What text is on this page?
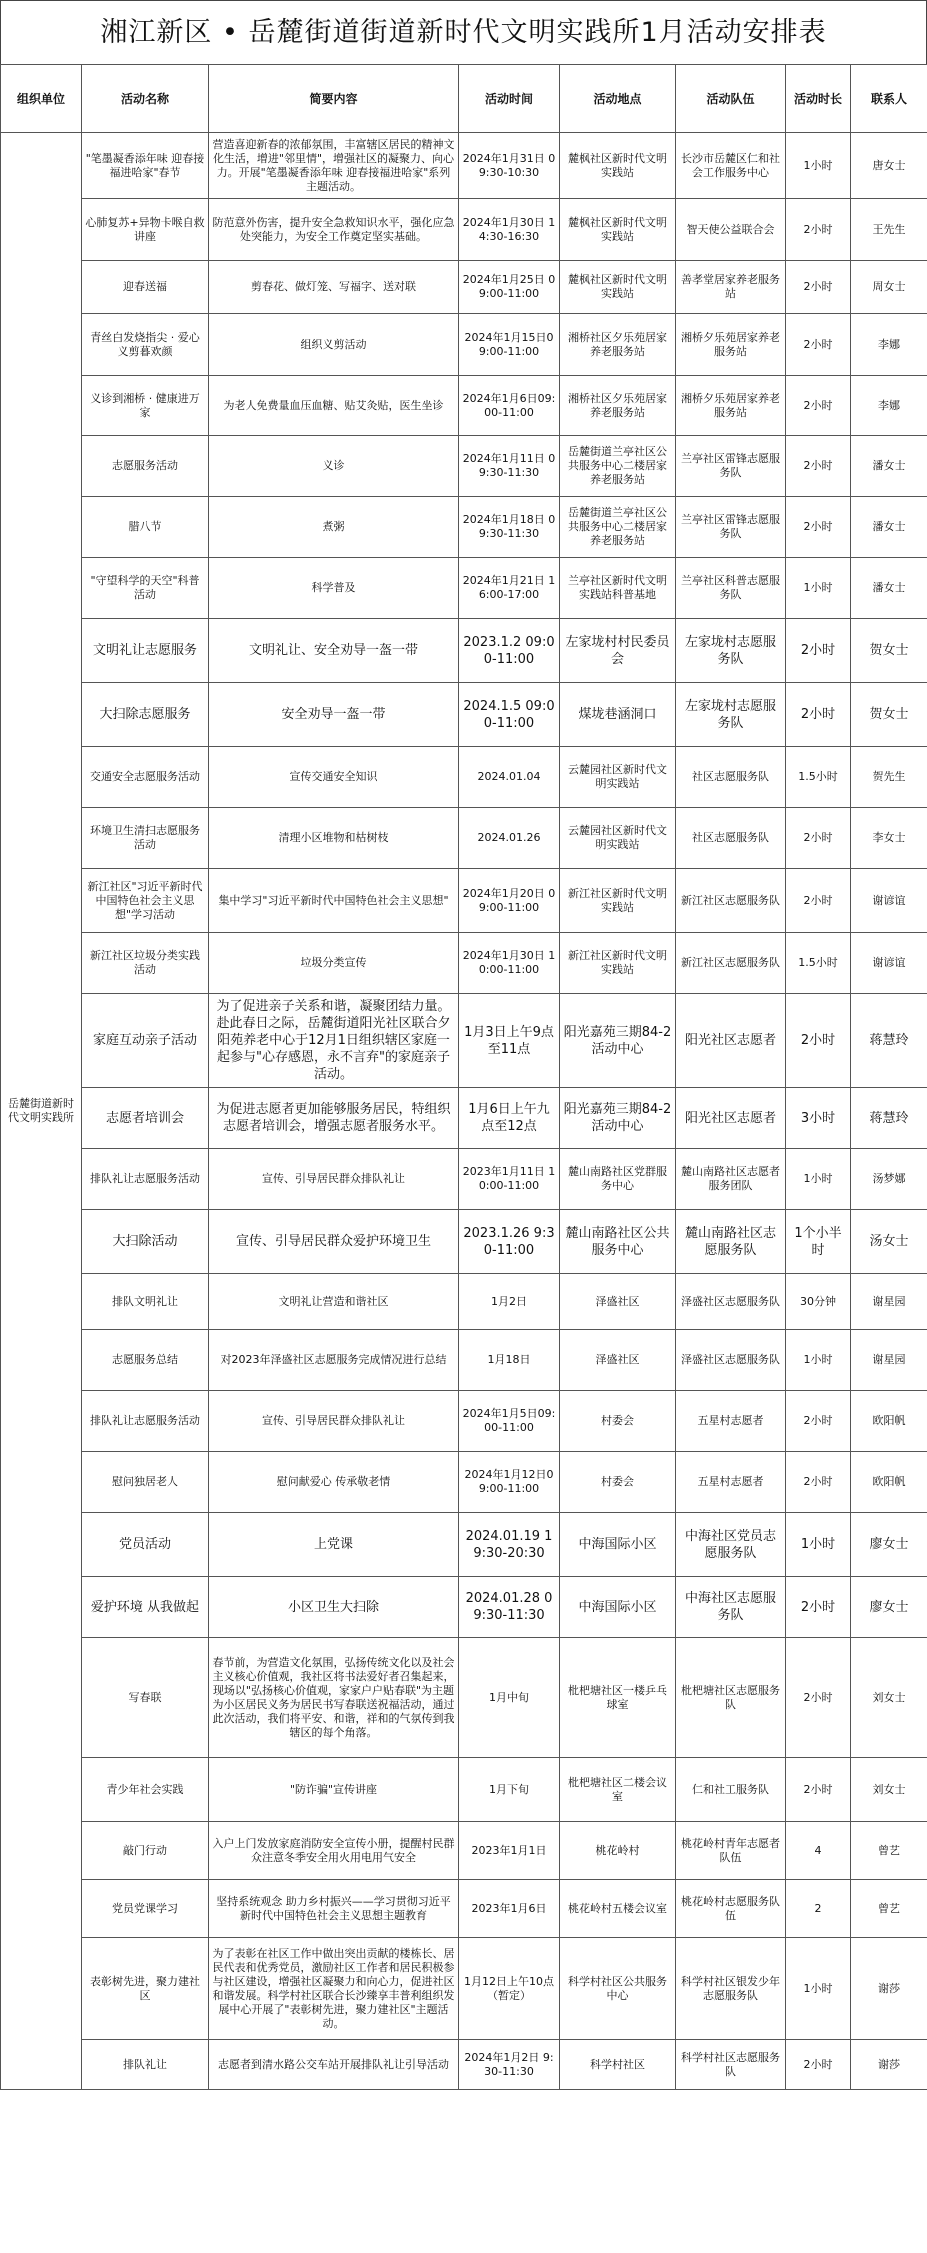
湘江新区 • 岳麓街道街道新时代文明实践所1月活动安排表
组织单位	活动名称	简要内容	活动时间	活动地点	活动队伍	活动时长	联系人
岳麓街道新时代文明实践所	"笔墨凝香添年味 迎春接福进哈家"春节	营造喜迎新春的浓郁氛围，丰富辖区居民的精神文化生活，增进"邻里情"，增强社区的凝聚力、向心力。开展"笔墨凝香添年味 迎春接福进哈家"系列主题活动。	2024年1月31日 09:30-10:30	麓枫社区新时代文明实践站	长沙市岳麓区仁和社会工作服务中心	1小时	唐女士
	心肺复苏+异物卡喉自救讲座	防范意外伤害，提升安全急救知识水平，强化应急处突能力，为安全工作奠定坚实基础。	2024年1月30日 14:30-16:30	麓枫社区新时代文明实践站	智天使公益联合会	2小时	王先生
	迎春送福	剪春花、做灯笼、写福字、送对联	2024年1月25日 09:00-11:00	麓枫社区新时代文明实践站	善孝堂居家养老服务站	2小时	周女士
	青丝白发烧指尖 · 爱心义剪暮欢颜	组织义剪活动	2024年1月15日09:00-11:00	湘桥社区夕乐苑居家养老服务站	湘桥夕乐苑居家养老服务站	2小时	李娜
	义诊到湘桥 · 健康进万家	为老人免费量血压血糖、贴艾灸贴，医生坐诊	2024年1月6日09:00-11:00	湘桥社区夕乐苑居家养老服务站	湘桥夕乐苑居家养老服务站	2小时	李娜
	志愿服务活动	义诊	2024年1月11日 09:30-11:30	岳麓街道兰亭社区公共服务中心二楼居家养老服务站	兰亭社区雷锋志愿服务队	2小时	潘女士
	腊八节	煮粥	2024年1月18日 09:30-11:30	岳麓街道兰亭社区公共服务中心二楼居家养老服务站	兰亭社区雷锋志愿服务队	2小时	潘女士
	"守望科学的天空"科普活动	科学普及	2024年1月21日 16:00-17:00	兰亭社区新时代文明实践站科普基地	兰亭社区科普志愿服务队	1小时	潘女士
	文明礼让志愿服务	文明礼让、安全劝导一盔一带	2023.1.2 09:00-11:00	左家垅村村民委员会	左家垅村志愿服务队	2小时	贺女士
	大扫除志愿服务	安全劝导一盔一带	2024.1.5 09:00-11:00	煤垅巷涵洞口	左家垅村志愿服务队	2小时	贺女士
	交通安全志愿服务活动	宣传交通安全知识	2024.01.04	云麓园社区新时代文明实践站	社区志愿服务队	1.5小时	贺先生
	环境卫生清扫志愿服务活动	清理小区堆物和枯树枝	2024.01.26	云麓园社区新时代文明实践站	社区志愿服务队	2小时	李女士
	新江社区"习近平新时代中国特色社会主义思想"学习活动	集中学习"习近平新时代中国特色社会主义思想"	2024年1月20日 09:00-11:00	新江社区新时代文明实践站	新江社区志愿服务队	2小时	谢谚谊
	新江社区垃圾分类实践活动	垃圾分类宣传	2024年1月30日 10:00-11:00	新江社区新时代文明实践站	新江社区志愿服务队	1.5小时	谢谚谊
	家庭互动亲子活动	为了促进亲子关系和谐，凝聚团结力量。赴此春日之际，岳麓街道阳光社区联合夕阳苑养老中心于12月1日组织辖区家庭一起参与"心存感恩，永不言弃"的家庭亲子活动。	1月3日上午9点至11点	阳光嘉苑三期84-2活动中心	阳光社区志愿者	2小时	蒋慧玲
	志愿者培训会	为促进志愿者更加能够服务居民，特组织志愿者培训会，增强志愿者服务水平。	1月6日上午九点至12点	阳光嘉苑三期84-2活动中心	阳光社区志愿者	3小时	蒋慧玲
	排队礼让志愿服务活动	宣传、引导居民群众排队礼让	2023年1月11日 10:00-11:00	麓山南路社区党群服务中心	麓山南路社区志愿者服务团队	1小时	汤梦娜
	大扫除活动	宣传、引导居民群众爱护环境卫生	2023.1.26 9:30-11:00	麓山南路社区公共服务中心	麓山南路社区志愿服务队	1个小半时	汤女士
	排队文明礼让	文明礼让营造和谐社区	1月2日	泽盛社区	泽盛社区志愿服务队	30分钟	谢星园
	志愿服务总结	对2023年泽盛社区志愿服务完成情况进行总结	1月18日	泽盛社区	泽盛社区志愿服务队	1小时	谢星园
	排队礼让志愿服务活动	宣传、引导居民群众排队礼让	2024年1月5日09:00-11:00	村委会	五星村志愿者	2小时	欧阳帆
	慰问独居老人	慰问献爱心 传承敬老情	2024年1月12日09:00-11:00	村委会	五星村志愿者	2小时	欧阳帆
	党员活动	上党课	2024.01.19 19:30-20:30	中海国际小区	中海社区党员志愿服务队	1小时	廖女士
	爱护环境 从我做起	小区卫生大扫除	2024.01.28 09:30-11:30	中海国际小区	中海社区志愿服务队	2小时	廖女士
	写春联	春节前，为营造文化氛围，弘扬传统文化以及社会主义核心价值观，我社区将书法爱好者召集起来，现场以"弘扬核心价值观，家家户户贴春联"为主题为小区居民义务为居民书写春联送祝福活动，通过此次活动，我们将平安、和谐，祥和的气氛传到我辖区的每个角落。	1月中旬	枇杷塘社区一楼乒乓球室	枇杷塘社区志愿服务队	2小时	刘女士
	青少年社会实践	"防诈骗"宣传讲座	1月下旬	枇杷塘社区二楼会议室	仁和社工服务队	2小时	刘女士
	敲门行动	入户上门发放家庭消防安全宣传小册，提醒村民群众注意冬季安全用火用电用气安全	2023年1月1日	桃花岭村	桃花岭村青年志愿者队伍	4	曾艺
	党员党课学习	坚持系统观念 助力乡村振兴——学习贯彻习近平新时代中国特色社会主义思想主题教育	2023年1月6日	桃花岭村五楼会议室	桃花岭村志愿服务队伍	2	曾艺
	表彰树先进，聚力建社区	为了表彰在社区工作中做出突出贡献的楼栋长、居民代表和优秀党员，激励社区工作者和居民积极参与社区建设，增强社区凝聚力和向心力，促进社区和谐发展。科学村社区联合长沙臻享丰普利组织发展中心开展了"表彰树先进，聚力建社区"主题活动。	1月12日上午10点（暂定）	科学村社区公共服务中心	科学村社区银发少年志愿服务队	1小时	谢莎
	排队礼让	志愿者到清水路公交车站开展排队礼让引导活动	2024年1月2日 9:30-11:30	科学村社区	科学村社区志愿服务队	2小时	谢莎
